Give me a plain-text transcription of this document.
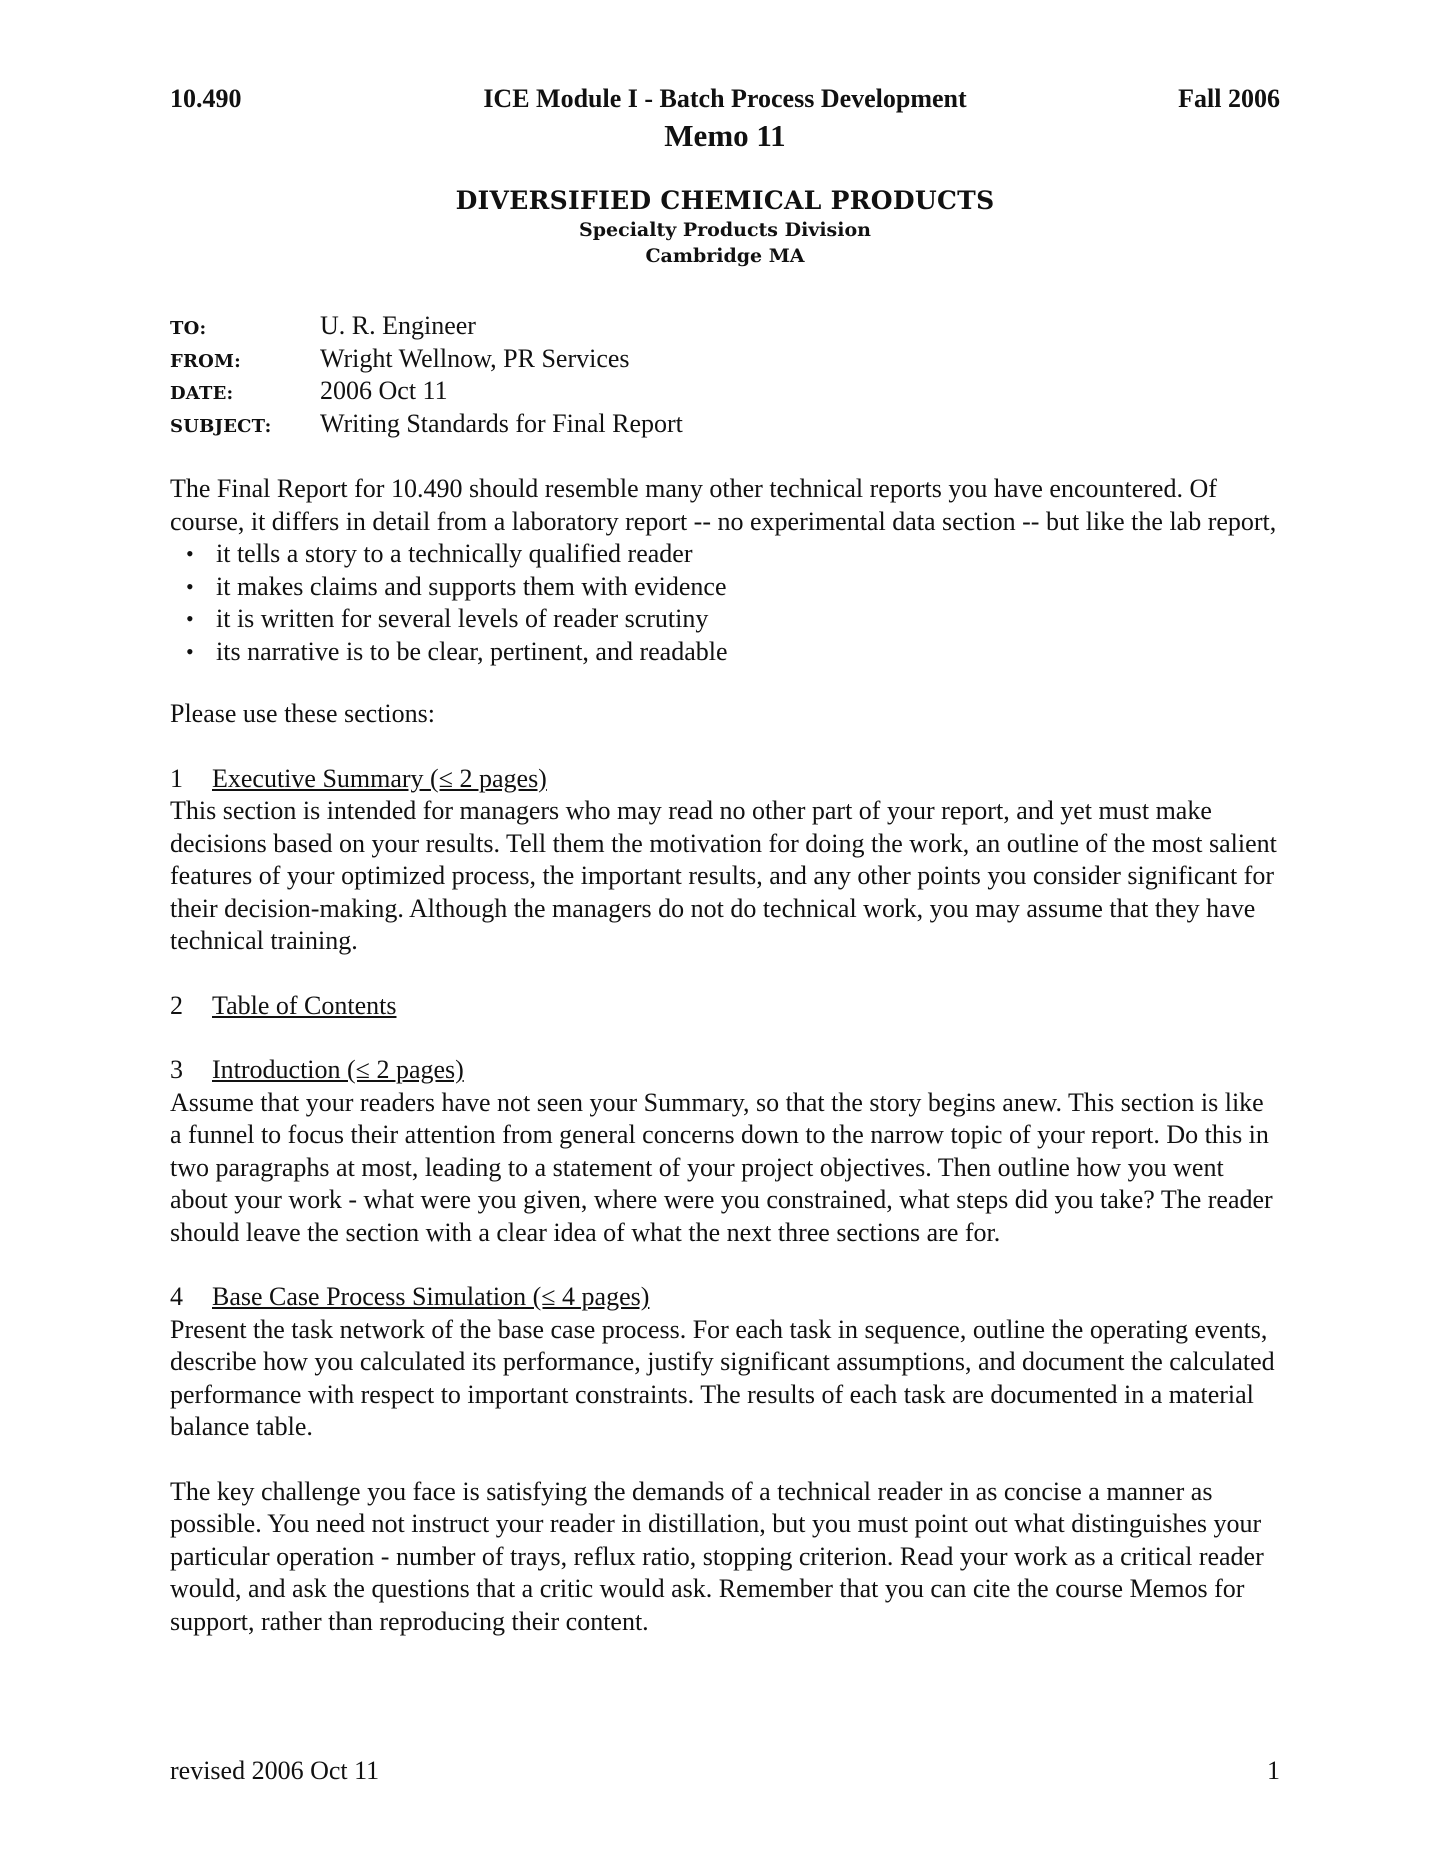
10.490	ICE Module I - Batch Process Development	Fall 2006
Memo 11
DIVERSIFIED CHEMICAL PRODUCTS
Specialty Products Division
Cambridge MA
TO:	U. R. Engineer
FROM:	Wright Wellnow, PR Services
DATE:	2006 Oct 11
SUBJECT:	Writing Standards for Final Report

The Final Report for 10.490 should resemble many other technical reports you have encountered. Of course, it differs in detail from a laboratory report -- no experimental data section -- but like the lab report,

• it tells a story to a technically qualified reader
• it makes claims and supports them with evidence
• it is written for several levels of reader scrutiny
• its narrative is to be clear, pertinent, and readable

Please use these sections:

1 Executive Summary (≤ 2 pages)

This section is intended for managers who may read no other part of your report, and yet must make decisions based on your results. Tell them the motivation for doing the work, an outline of the most salient features of your optimized process, the important results, and any other points you consider significant for their decision-making. Although the managers do not do technical work, you may assume that they have technical training.

2 Table of Contents
3 Introduction (≤ 2 pages)

Assume that your readers have not seen your Summary, so that the story begins anew. This section is like a funnel to focus their attention from general concerns down to the narrow topic of your report. Do this in two paragraphs at most, leading to a statement of your project objectives. Then outline how you went about your work - what were you given, where were you constrained, what steps did you take? The reader should leave the section with a clear idea of what the next three sections are for.

4 Base Case Process Simulation (≤ 4 pages)

Present the task network of the base case process. For each task in sequence, outline the operating events, describe how you calculated its performance, justify significant assumptions, and document the calculated performance with respect to important constraints. The results of each task are documented in a material balance table.

The key challenge you face is satisfying the demands of a technical reader in as concise a manner as possible. You need not instruct your reader in distillation, but you must point out what distinguishes your particular operation - number of trays, reflux ratio, stopping criterion. Read your work as a critical reader would, and ask the questions that a critic would ask. Remember that you can cite the course Memos for support, rather than reproducing their content.

revised 2006 Oct 11	1
